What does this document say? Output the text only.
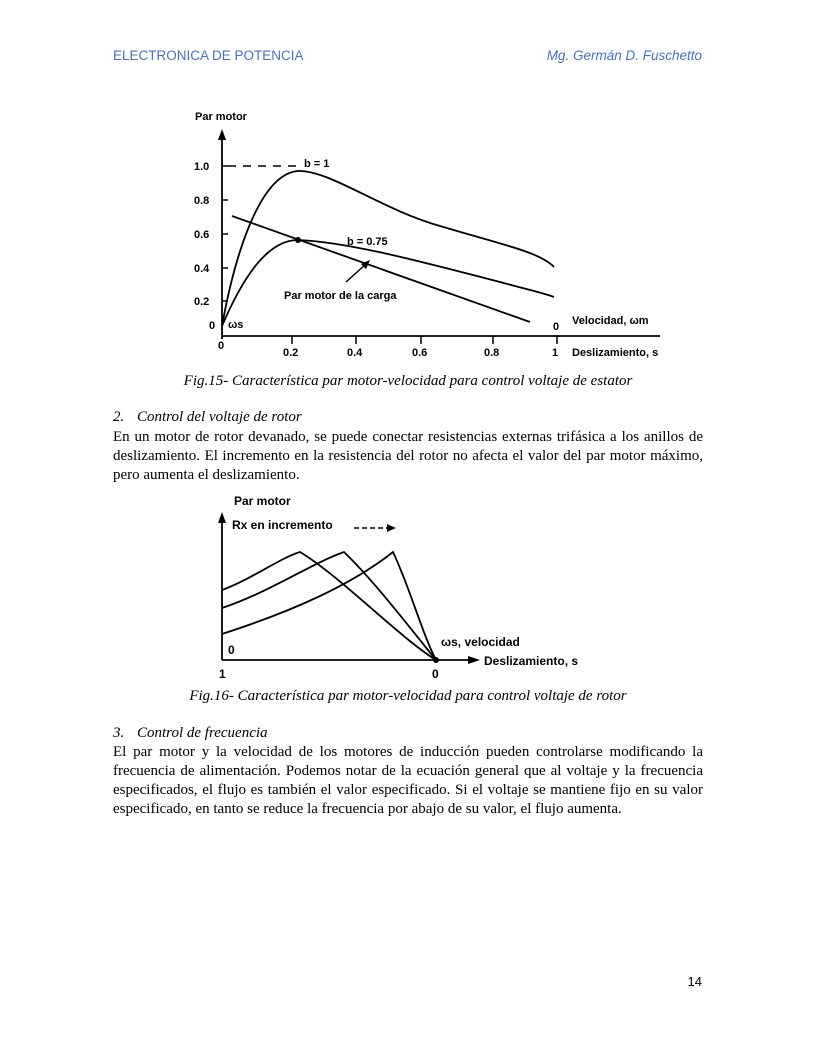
ELECTRONICA DE POTENCIA	Mg. Germán D. Fuschetto
Par motor
1.0
0.8
0.6
0.4
0.2
0 ωs
0
0.2	0.4	0.6	0.8	1
0 Velocidad, ωm
Deslizamiento, s
b = 1
b = 0.75
Par motor de la carga
Fig.15- Característica par motor-velocidad para control voltaje de estator
2. Control del voltaje de rotor
En un motor de rotor devanado, se puede conectar resistencias externas trifásica a los anillos de deslizamiento. El incremento en la resistencia del rotor no afecta el valor del par motor máximo, pero aumenta el deslizamiento.
Par motor
Rx en incremento
0
ωs, velocidad
Deslizamiento, s
1	0
Fig.16- Característica par motor-velocidad para control voltaje de rotor
3. Control de frecuencia
El par motor y la velocidad de los motores de inducción pueden controlarse modificando la frecuencia de alimentación. Podemos notar de la ecuación general que al voltaje y la frecuencia especificados, el flujo es también el valor especificado. Si el voltaje se mantiene fijo en su valor especificado, en tanto se reduce la frecuencia por abajo de su valor, el flujo aumenta.
14
